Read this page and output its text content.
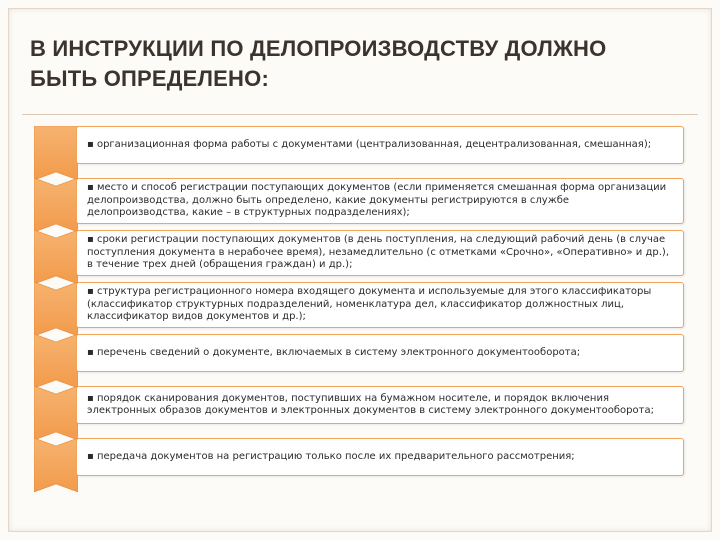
В ИНСТРУКЦИИ ПО ДЕЛОПРОИЗВОДСТВУ ДОЛЖНО
БЫТЬ ОПРЕДЕЛЕНО:
▪ организационная форма работы с документами (централизованная, децентрализованная, смешанная);
▪ место и способ регистрации поступающих документов (если применяется смешанная форма организации делопроизводства, должно быть определено, какие документы регистрируются в службе делопроизводства, какие – в структурных подразделениях);
▪ сроки регистрации поступающих документов (в день поступления, на следующий рабочий день (в случае поступления документа в нерабочее время), незамедлительно (с отметками «Срочно», «Оперативно» и др.), в течение трех дней (обращения граждан) и др.);
▪ структура регистрационного номера входящего документа и используемые для этого классификаторы (классификатор структурных подразделений, номенклатура дел, классификатор должностных лиц, классификатор видов документов и др.);
▪ перечень сведений о документе, включаемых в систему электронного документооборота;
▪ порядок сканирования документов, поступивших на бумажном носителе, и порядок включения электронных образов документов и электронных документов в систему электронного документооборота;
▪ передача документов на регистрацию только после их предварительного рассмотрения;
